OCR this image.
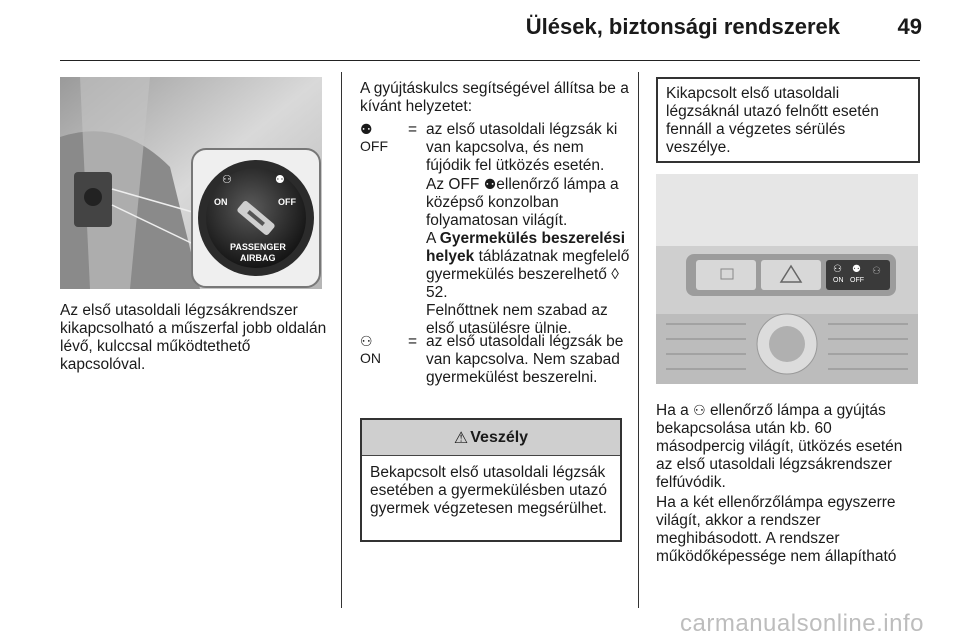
Ülések, biztonsági rendszerek	49
⚇
ON
⚉
OFF
PASSENGER
AIRBAG
Az első utasoldali légzsákrendszer kikapcsolható a műszerfal jobb oldalán lévő, kulccsal működtethető kapcsolóval.
A gyújtáskulcs segítségével állítsa be a kívánt helyzetet:
⚉
OFF
= az első utasoldali légzsák ki van kapcsolva, és nem fújódik fel ütközés esetén.
Az OFF ⚉ellenőrző lámpa a középső konzolban folyamatosan világít.
A Gyermekülés beszerelési helyek táblázatnak megfelelő gyermekülés beszerelhető ◊ 52.
Felnőttnek nem szabad az első utasülésre ülnie.
⚇
ON
= az első utasoldali légzsák be van kapcsolva. Nem szabad gyermekülést beszerelni.
⚠ Veszély
Bekapcsolt első utasoldali légzsák esetében a gyermekülésben utazó gyermek végzetesen megsérülhet.
Kikapcsolt első utasoldali légzsáknál utazó felnőtt esetén fennáll a végzetes sérülés veszélye.
⚇
ON
⚉
OFF
⚇
Ha a ⚇ ellenőrző lámpa a gyújtás bekapcsolása után kb. 60 másodpercig világít, ütközés esetén az első utasoldali légzsákrendszer felfúvódik.
Ha a két ellenőrzőlámpa egyszerre világít, akkor a rendszer meghibásodott. A rendszer működőképessége nem állapítható
carmanualsonline.info
